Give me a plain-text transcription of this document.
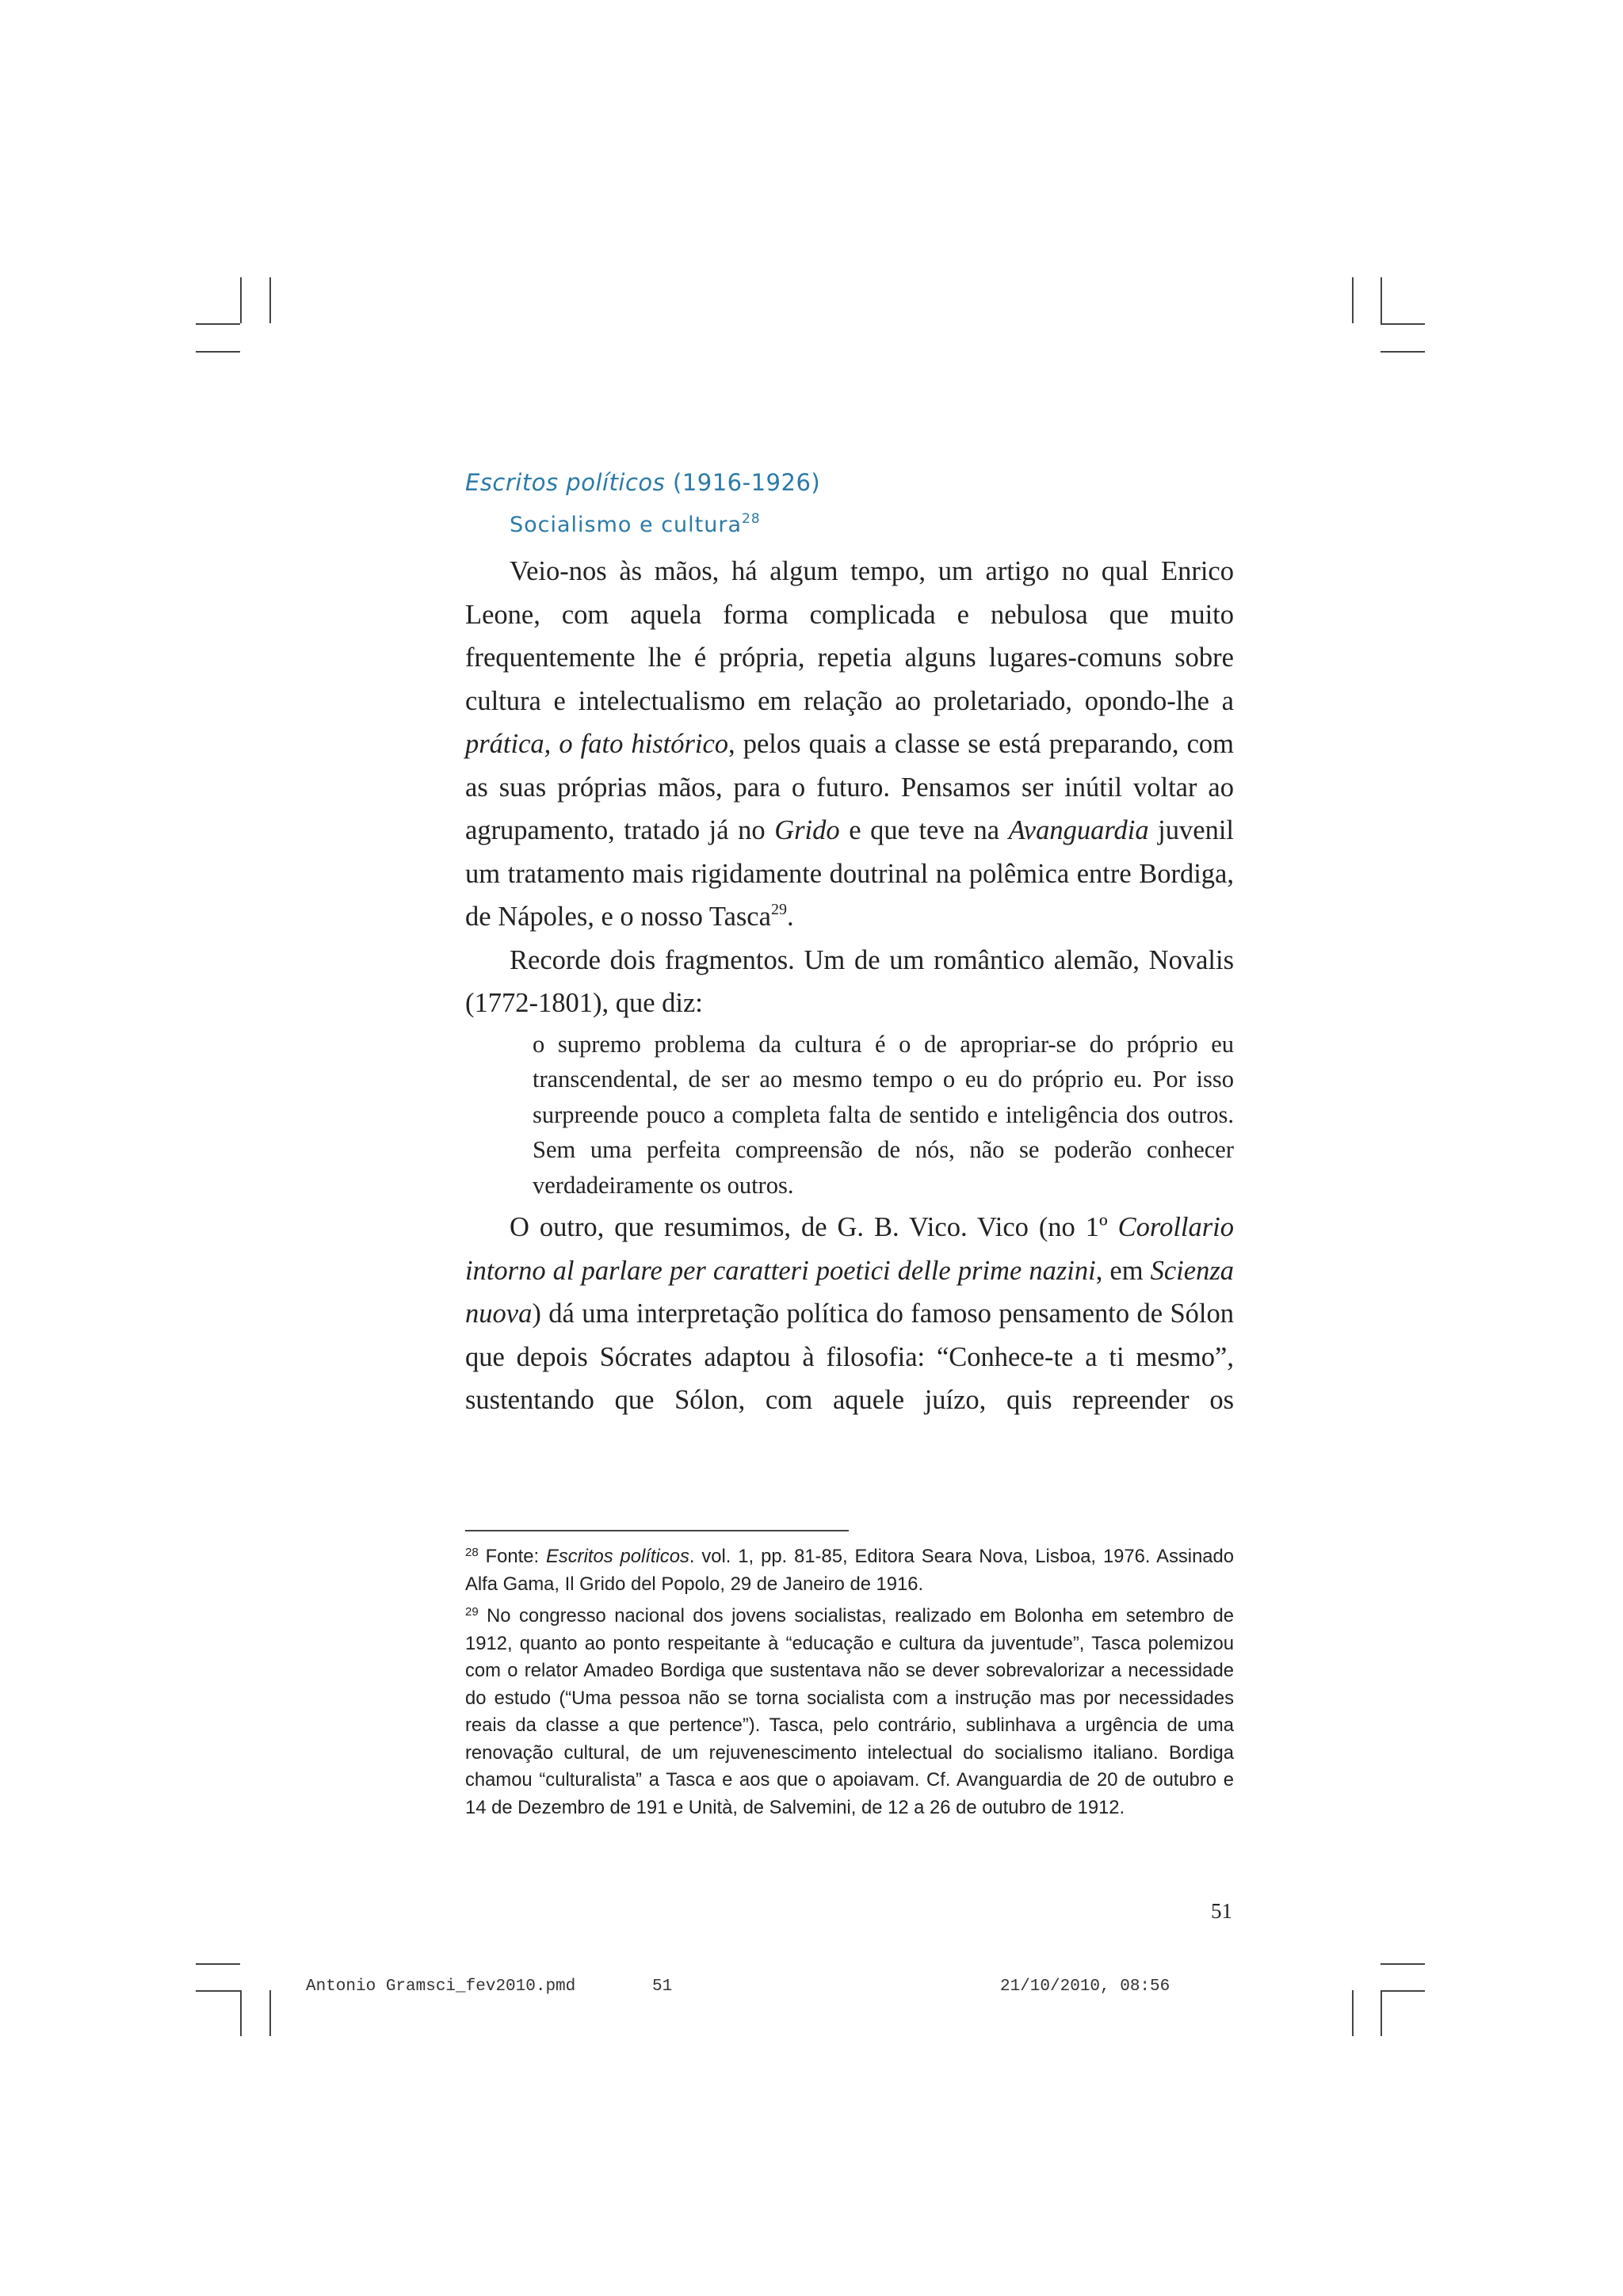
Escritos políticos (1916-1926)
Socialismo e cultura$^{28}$

Veio-nos às mãos, há algum tempo, um artigo no qual Enrico Leone, com aquela forma complicada e nebulosa que muito frequentemente lhe é própria, repetia alguns lugares-comuns sobre cultura e intelectualismo em relação ao proletariado, opondo-lhe a prática, o fato histórico, pelos quais a classe se está preparando, com as suas próprias mãos, para o futuro. Pensamos ser inútil voltar ao agrupamento, tratado já no Grido e que teve na Avanguardia juvenil um tratamento mais rigidamente doutrinal na polêmica entre Bordiga, de Nápoles, e o nosso Tasca$^{29}$.

Recorde dois fragmentos. Um de um romântico alemão, Novalis (1772-1801), que diz:

o supremo problema da cultura é o de apropriar-se do próprio eu transcendental, de ser ao mesmo tempo o eu do próprio eu. Por isso surpreende pouco a completa falta de sentido e inteligência dos outros. Sem uma perfeita compreensão de nós, não se poderão conhecer verdadeiramente os outros.

O outro, que resumimos, de G. B. Vico. Vico (no 1º Corollario intorno al parlare per caratteri poetici delle prime nazini, em Scienza nuova) dá uma interpretação política do famoso pensamento de Sólon que depois Sócrates adaptou à filosofia: “Conhece-te a ti mesmo”, sustentando que Sólon, com aquele juízo, quis repreender os

$^{28}$ Fonte: Escritos políticos. vol. 1, pp. 81-85, Editora Seara Nova, Lisboa, 1976. Assinado Alfa Gama, Il Grido del Popolo, 29 de Janeiro de 1916.

$^{29}$ No congresso nacional dos jovens socialistas, realizado em Bolonha em setembro de 1912, quanto ao ponto respeitante à “educação e cultura da juventude”, Tasca polemizou com o relator Amadeo Bordiga que sustentava não se dever sobrevalorizar a necessidade do estudo (“Uma pessoa não se torna socialista com a instrução mas por necessidades reais da classe a que pertence”). Tasca, pelo contrário, sublinhava a urgência de uma renovação cultural, de um rejuvenescimento intelectual do socialismo italiano. Bordiga chamou “culturalista” a Tasca e aos que o apoiavam. Cf. Avanguardia de 20 de outubro e 14 de Dezembro de 191 e Unità, de Salvemini, de 12 a 26 de outubro de 1912.

51
Antonio Gramsci_fev2010.pmd	51	21/10/2010, 08:56
